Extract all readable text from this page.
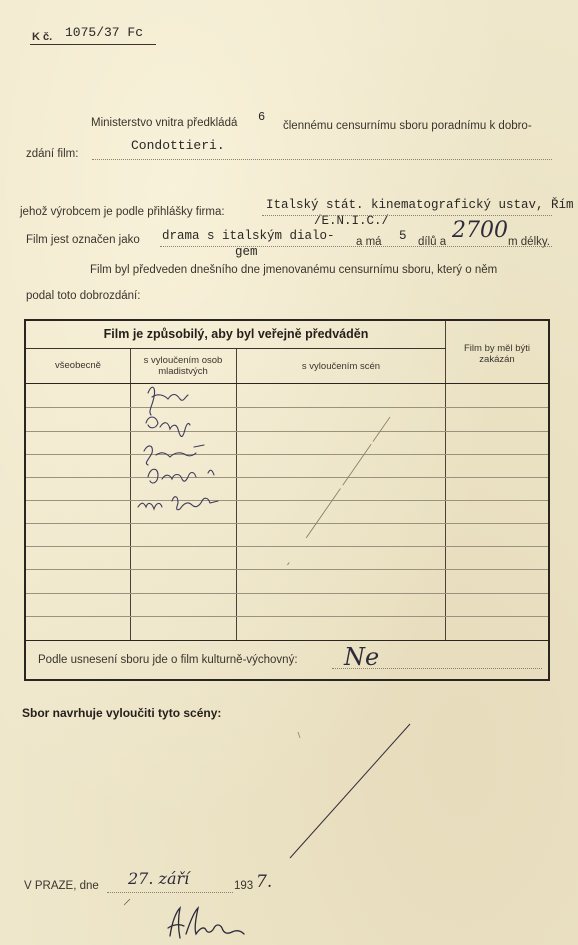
K č. 1075/37 Fc
Ministerstvo vnitra předkládá 6
člennému censurnímu sboru poradnímu k dobro-
zdání film:
Condottieri.
jehož výrobcem je podle přihlášky firma:	Italský stát. kinematografický ustav, Řím
/E.N.I.C./
Film jest označen jako drama s italským dialo-
gem
a má 5 dílů a 2700 m délky.
Film byl předveden dnešního dne jmenovanému censurnímu sboru, který o něm
podal toto dobrozdání:
Film je způsobilý, aby byl veřejně předváděn
všeobecně	s vyloučením osob mladistvých	s vyloučením scén
Film by měl býti zakázán
Podle usnesení sboru jde o film kulturně-výchovný: Ne
Sbor navrhuje vyloučiti tyto scény:
V PRAZE, dne 27. září	193 7.
